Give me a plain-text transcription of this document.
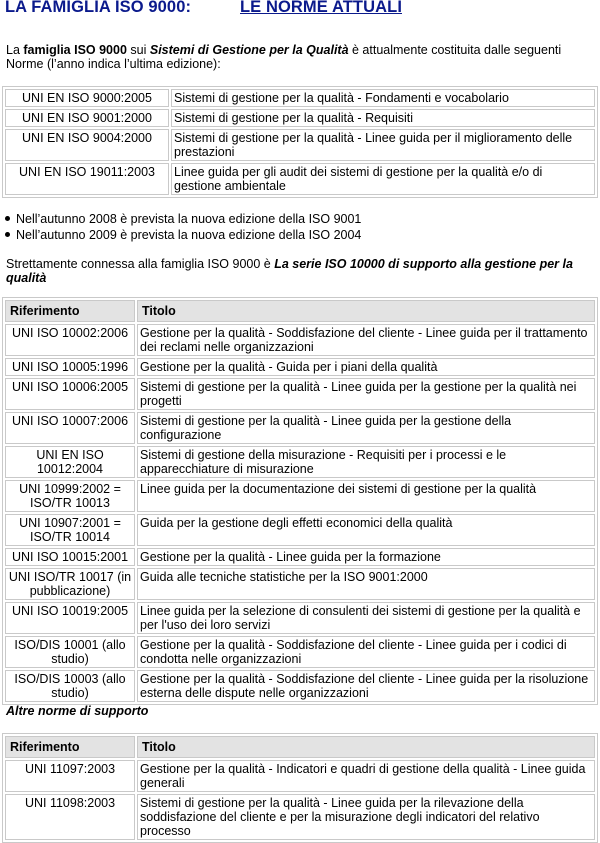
LA FAMIGLIA ISO 9000:	LE NORME ATTUALI
La famiglia ISO 9000 sui Sistemi di Gestione per la Qualità è attualmente costituita dalle seguenti Norme (l’anno indica l’ultima edizione):
UNI EN ISO 9000:2005	Sistemi di gestione per la qualità - Fondamenti e vocabolario
UNI EN ISO 9001:2000	Sistemi di gestione per la qualità - Requisiti
UNI EN ISO 9004:2000	Sistemi di gestione per la qualità - Linee guida per il miglioramento delle prestazioni
UNI EN ISO 19011:2003	Linee guida per gli audit dei sistemi di gestione per la qualità e/o di gestione ambientale
Nell’autunno 2008 è prevista la nuova edizione della ISO 9001
Nell’autunno 2009 è prevista la nuova edizione della ISO 2004
Strettamente connessa alla famiglia ISO 9000 è La serie ISO 10000 di supporto alla gestione per la qualità
Riferimento	Titolo
UNI ISO 10002:2006	Gestione per la qualità - Soddisfazione del cliente - Linee guida per il trattamento dei reclami nelle organizzazioni
UNI ISO 10005:1996	Gestione per la qualità - Guida per i piani della qualità
UNI ISO 10006:2005	Sistemi di gestione per la qualità - Linee guida per la gestione per la qualità nei progetti
UNI ISO 10007:2006	Sistemi di gestione per la qualità - Linee guida per la gestione della configurazione
UNI EN ISO 10012:2004	Sistemi di gestione della misurazione - Requisiti per i processi e le apparecchiature di misurazione
UNI 10999:2002 = ISO/TR 10013	Linee guida per la documentazione dei sistemi di gestione per la qualità
UNI 10907:2001 = ISO/TR 10014	Guida per la gestione degli effetti economici della qualità
UNI ISO 10015:2001	Gestione per la qualità - Linee guida per la formazione
UNI ISO/TR 10017 (in pubblicazione)	Guida alle tecniche statistiche per la ISO 9001:2000
UNI ISO 10019:2005	Linee guida per la selezione di consulenti dei sistemi di gestione per la qualità e per l'uso dei loro servizi
ISO/DIS 10001 (allo studio)	Gestione per la qualità - Soddisfazione del cliente - Linee guida per i codici di condotta nelle organizzazioni
ISO/DIS 10003 (allo studio)	Gestione per la qualità - Soddisfazione del cliente - Linee guida per la risoluzione esterna delle dispute nelle organizzazioni
Altre norme di supporto
Riferimento	Titolo
UNI 11097:2003	Gestione per la qualità - Indicatori e quadri di gestione della qualità - Linee guida generali
UNI 11098:2003	Sistemi di gestione per la qualità - Linee guida per la rilevazione della soddisfazione del cliente e per la misurazione degli indicatori del relativo processo
